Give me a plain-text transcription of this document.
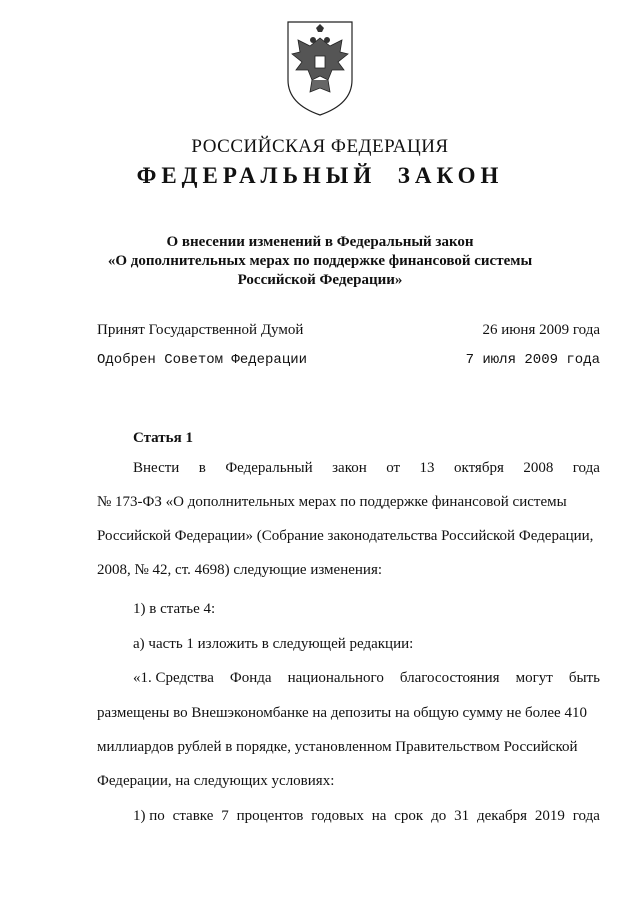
РОССИЙСКАЯ ФЕДЕРАЦИЯ
ФЕДЕРАЛЬНЫЙ  ЗАКОН
О внесении изменений в Федеральный закон
«О дополнительных мерах по поддержке финансовой системы
Российской Федерации»
Принят Государственной Думой	26 июня 2009 года
Одобрен Советом Федерации	7 июля 2009 года
Статья 1
Внести в Федеральный закон от 13 октября 2008 года
№ 173-ФЗ «О дополнительных мерах по поддержке финансовой системы
Российской Федерации» (Собрание законодательства Российской Федерации,
2008, № 42, ст. 4698) следующие изменения:
1) в статье 4:
а) часть 1 изложить в следующей редакции:
«1. Средства Фонда национального благосостояния могут быть
размещены во Внешэкономбанке на депозиты на общую сумму не более 410
миллиардов рублей в порядке, установленном Правительством Российской
Федерации, на следующих условиях:
1) по ставке 7 процентов годовых на срок до 31 декабря 2019 года
